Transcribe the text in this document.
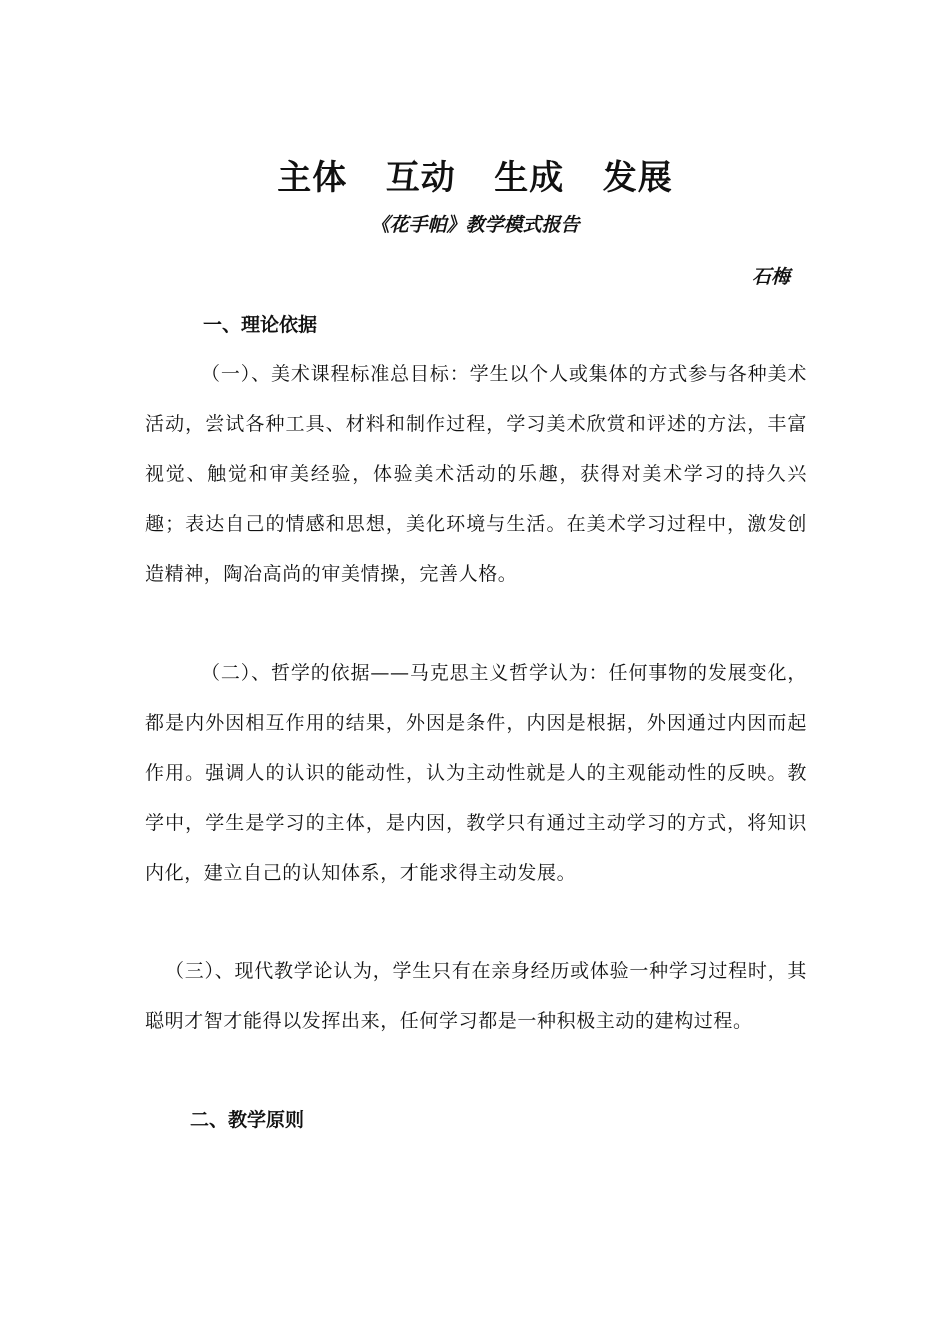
主体   互动   生成   发展
《花手帕》教学模式报告
石梅
一、理论依据
（一）、美术课程标准总目标：学生以个人或集体的方式参与各种美术活动，尝试各种工具、材料和制作过程，学习美术欣赏和评述的方法，丰富视觉、触觉和审美经验，体验美术活动的乐趣，获得对美术学习的持久兴趣；表达自己的情感和思想，美化环境与生活。在美术学习过程中，激发创造精神，陶冶高尚的审美情操，完善人格。
（二）、哲学的依据——马克思主义哲学认为：任何事物的发展变化，都是内外因相互作用的结果，外因是条件，内因是根据，外因通过内因而起作用。强调人的认识的能动性，认为主动性就是人的主观能动性的反映。教学中，学生是学习的主体，是内因，教学只有通过主动学习的方式，将知识内化，建立自己的认知体系，才能求得主动发展。
（三）、现代教学论认为，学生只有在亲身经历或体验一种学习过程时，其聪明才智才能得以发挥出来，任何学习都是一种积极主动的建构过程。
二、教学原则
